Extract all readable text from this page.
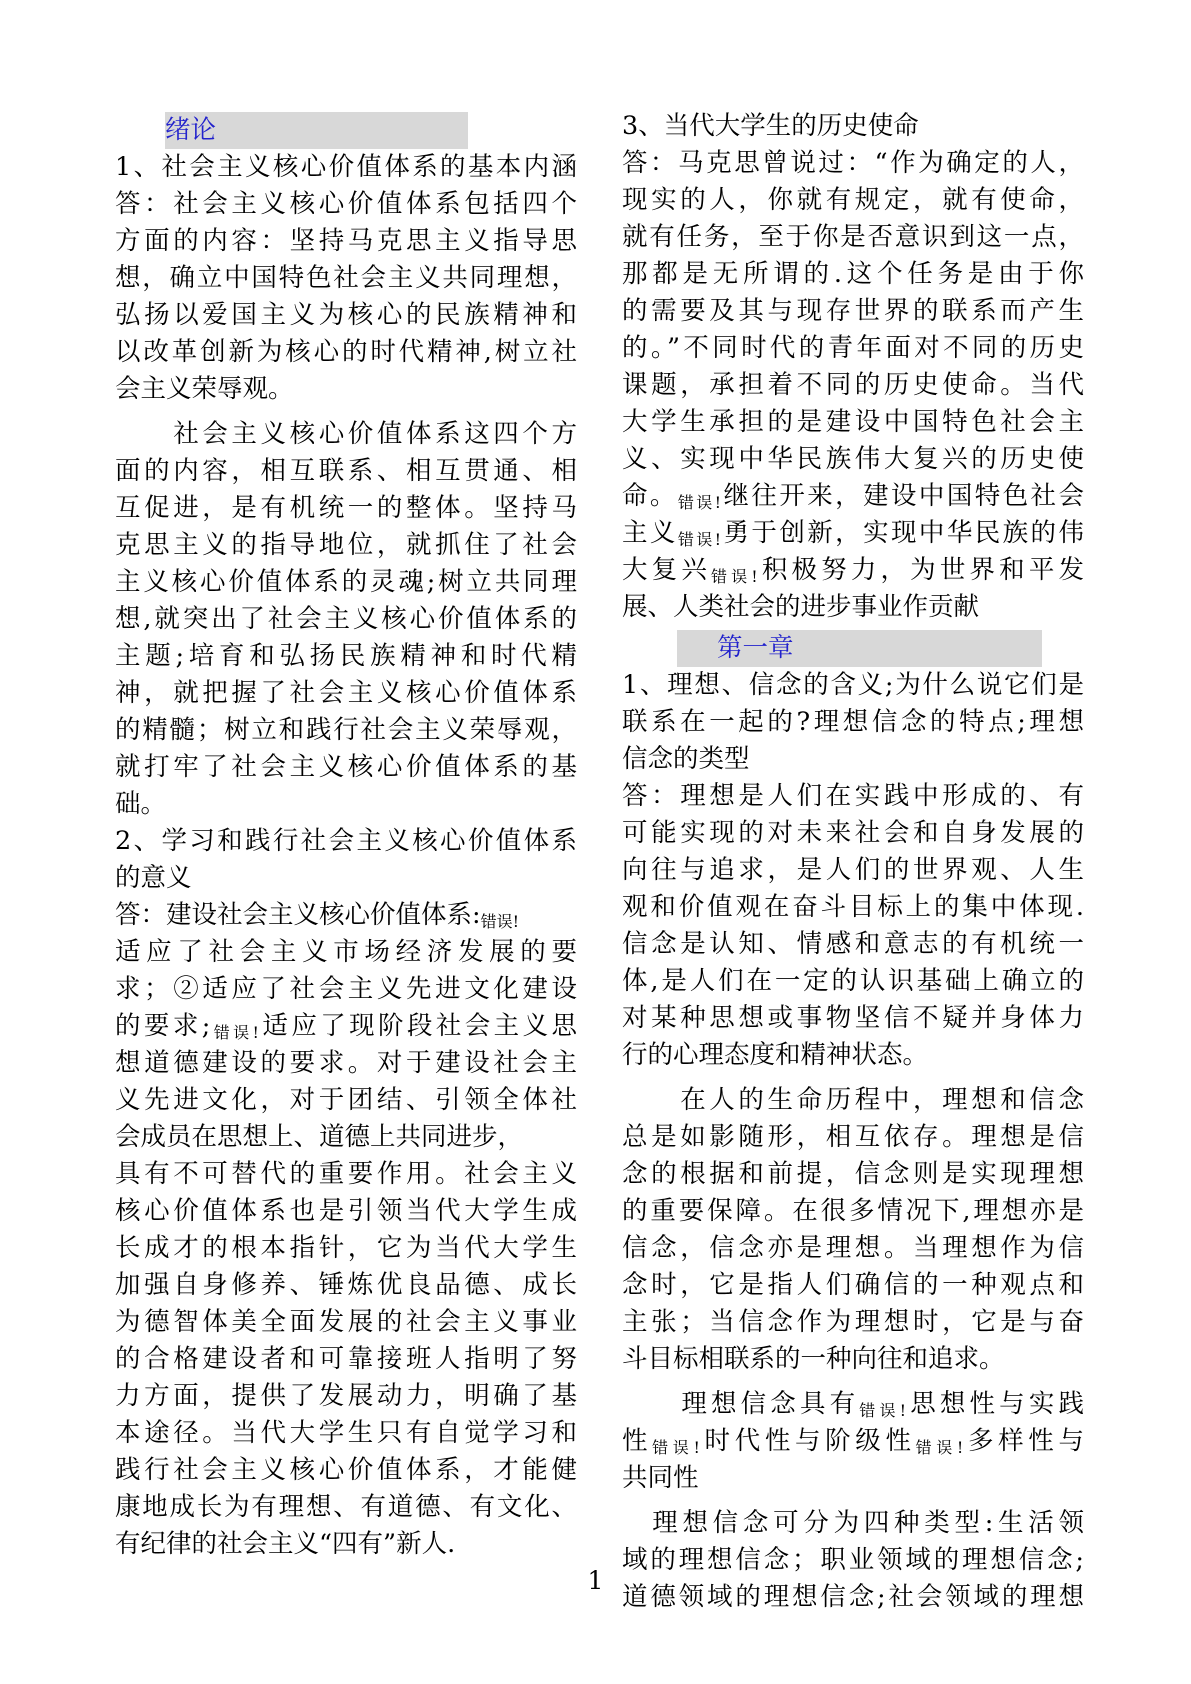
绪论
1、社会主义核心价值体系的基本内涵
答：社会主义核心价值体系包括四个
方面的内容：坚持马克思主义指导思
想，确立中国特色社会主义共同理想，
弘扬以爱国主义为核心的民族精神和
以改革创新为核心的时代精神,树立社
会主义荣辱观。
　　社会主义核心价值体系这四个方
面的内容，相互联系、相互贯通、相
互促进，是有机统一的整体。坚持马
克思主义的指导地位，就抓住了社会
主义核心价值体系的灵魂;树立共同理
想,就突出了社会主义核心价值体系的
主题;培育和弘扬民族精神和时代精
神，就把握了社会主义核心价值体系
的精髓；树立和践行社会主义荣辱观，
就打牢了社会主义核心价值体系的基
础。
2、学习和践行社会主义核心价值体系
的意义
答：建设社会主义核心价值体系:错误!
适应了社会主义市场经济发展的要
求；②适应了社会主义先进文化建设
的要求;错误!适应了现阶段社会主义思
想道德建设的要求。对于建设社会主
义先进文化，对于团结、引领全体社
会成员在思想上、道德上共同进步，
具有不可替代的重要作用。社会主义
核心价值体系也是引领当代大学生成
长成才的根本指针，它为当代大学生
加强自身修养、锤炼优良品德、成长
为德智体美全面发展的社会主义事业
的合格建设者和可靠接班人指明了努
力方面，提供了发展动力，明确了基
本途径。当代大学生只有自觉学习和
践行社会主义核心价值体系，才能健
康地成长为有理想、有道德、有文化、
有纪律的社会主义“四有”新人.
3、当代大学生的历史使命
答：马克思曾说过：“作为确定的人，
现实的人，你就有规定，就有使命，
就有任务，至于你是否意识到这一点，
那都是无所谓的.这个任务是由于你
的需要及其与现存世界的联系而产生
的。”不同时代的青年面对不同的历史
课题，承担着不同的历史使命。当代
大学生承担的是建设中国特色社会主
义、实现中华民族伟大复兴的历史使
命。错误!继往开来，建设中国特色社会
主义错误!勇于创新，实现中华民族的伟
大复兴错误!积极努力，为世界和平发
展、人类社会的进步事业作贡献
第一章
1、理想、信念的含义;为什么说它们是
联系在一起的?理想信念的特点;理想
信念的类型
答：理想是人们在实践中形成的、有
可能实现的对未来社会和自身发展的
向往与追求，是人们的世界观、人生
观和价值观在奋斗目标上的集中体现.
信念是认知、情感和意志的有机统一
体,是人们在一定的认识基础上确立的
对某种思想或事物坚信不疑并身体力
行的心理态度和精神状态。
　　在人的生命历程中，理想和信念
总是如影随形，相互依存。理想是信
念的根据和前提，信念则是实现理想
的重要保障。在很多情况下,理想亦是
信念，信念亦是理想。当理想作为信
念时，它是指人们确信的一种观点和
主张；当信念作为理想时，它是与奋
斗目标相联系的一种向往和追求。
　　理想信念具有错误!思想性与实践
性错误!时代性与阶级性错误!多样性与
共同性
　理想信念可分为四种类型:生活领
域的理想信念；职业领域的理想信念;
道德领域的理想信念;社会领域的理想
1
